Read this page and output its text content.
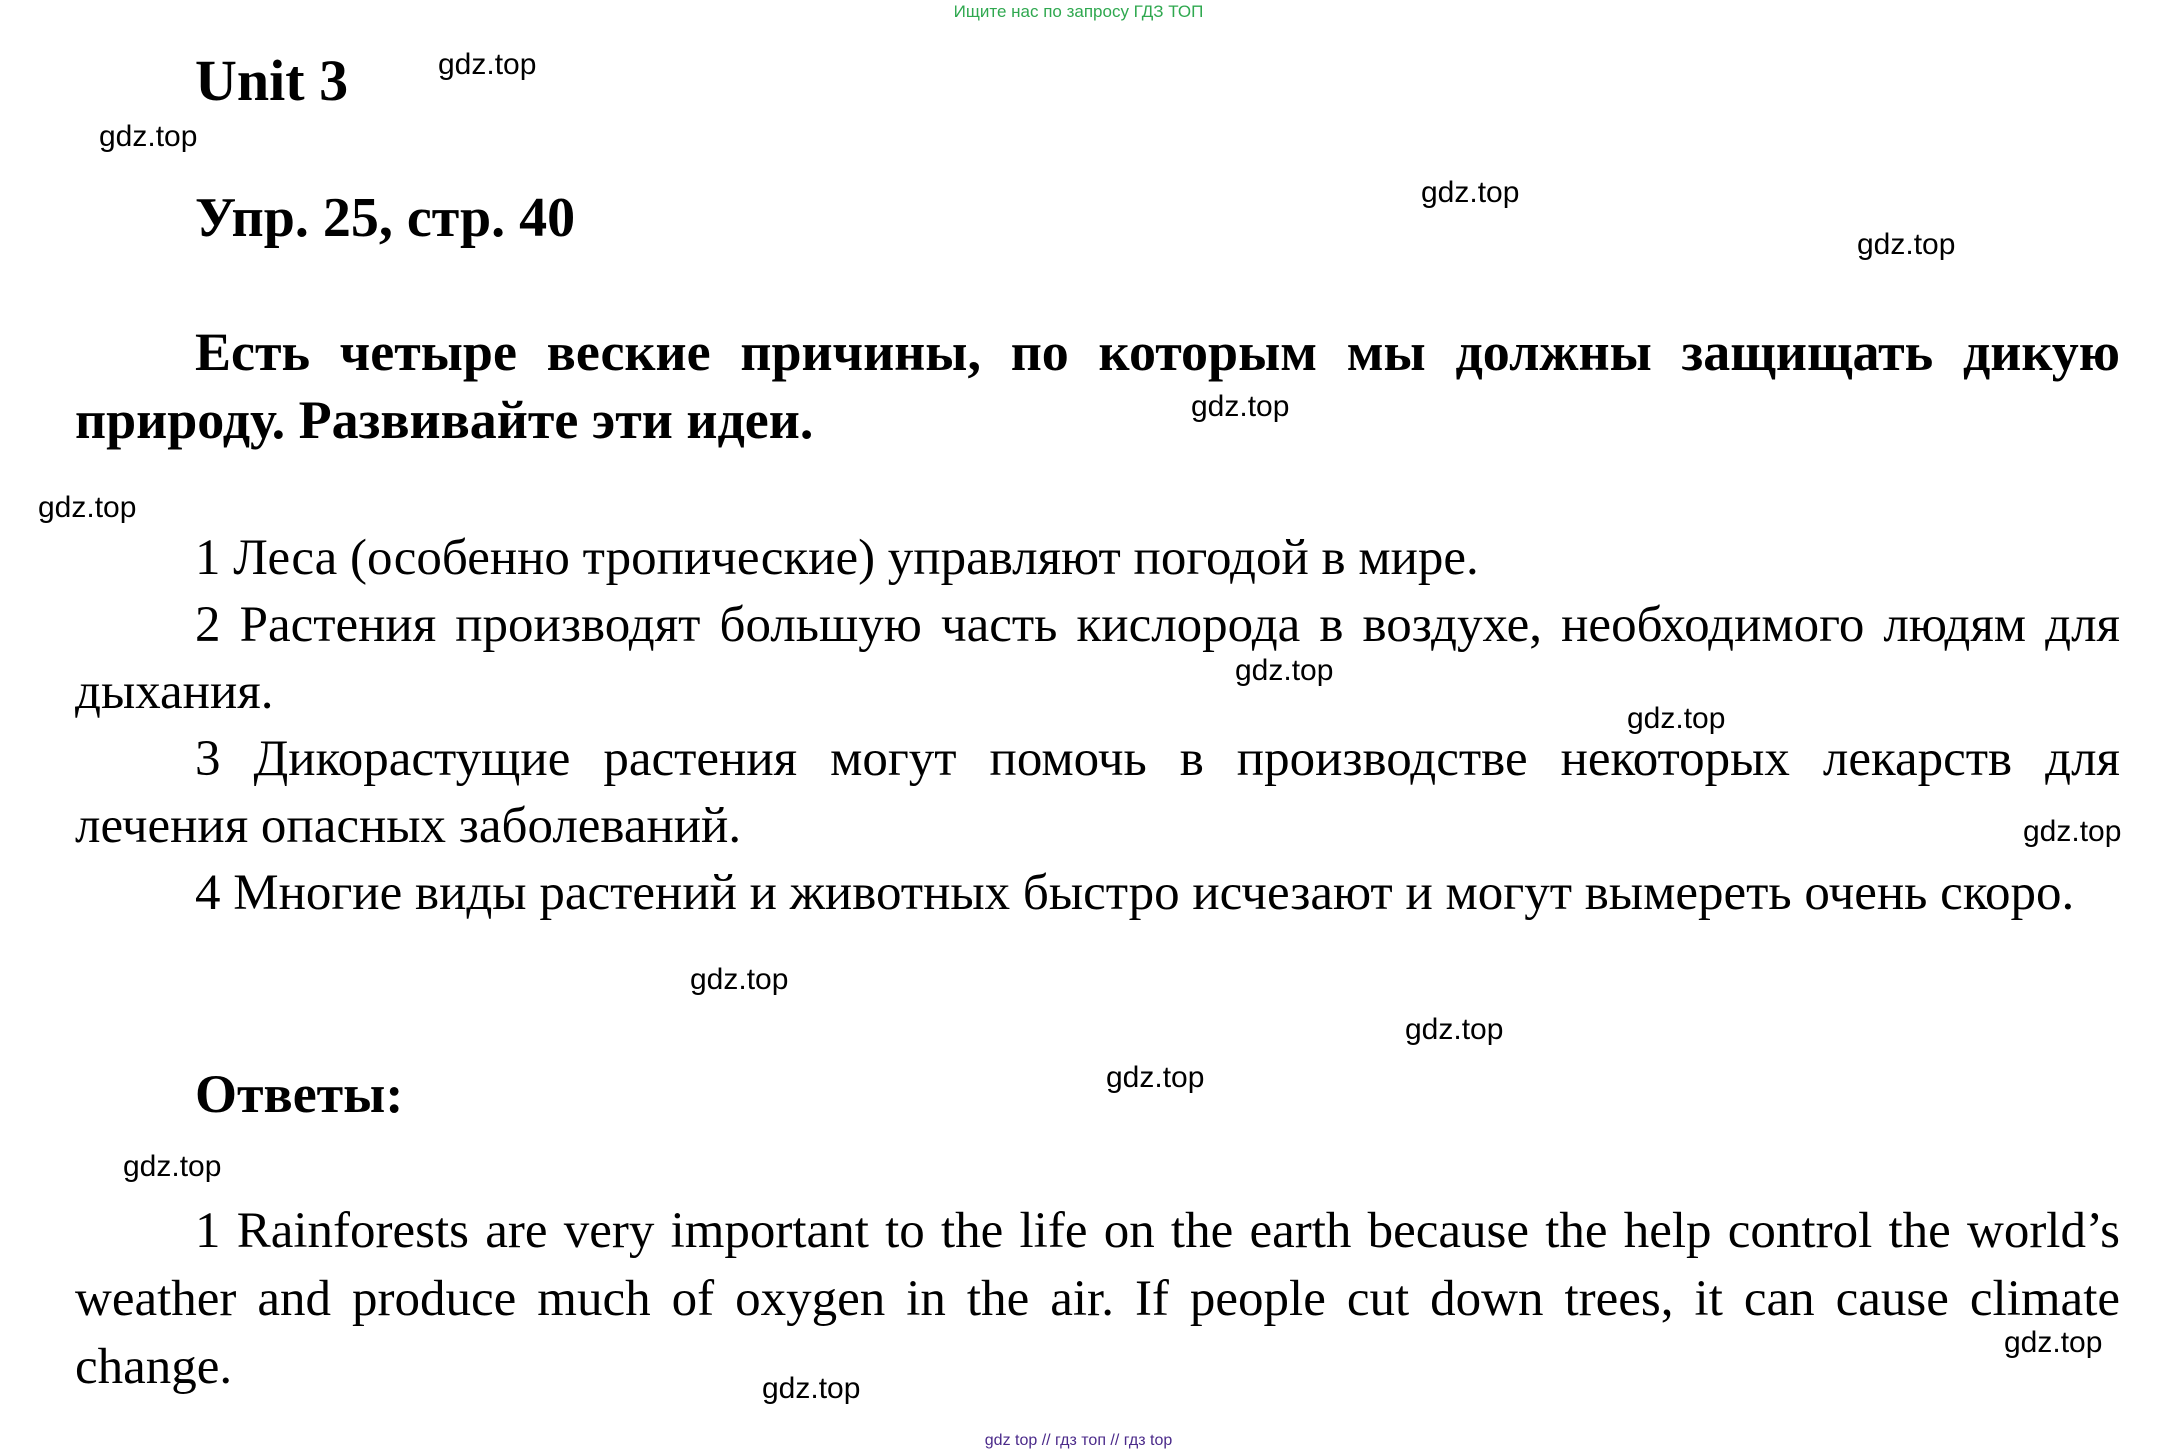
Ищите нас по запросу ГДЗ ТОП
Unit 3
Упр. 25, стр. 40

Есть четыре веские причины, по которым мы должны защищать дикую природу. Развивайте эти идеи.

1 Леса (особенно тропические) управляют погодой в мире.

2 Растения производят большую часть кислорода в воздухе, необходимого людям для дыхания.

3 Дикорастущие растения могут помочь в производстве некоторых лекарств для лечения опасных заболеваний.

4 Многие виды растений и животных быстро исчезают и могут вымереть очень скоро.

Ответы:

1 Rainforests are very important to the life on the earth because the help control the world’s weather and produce much of oxygen in the air. If people cut down trees, it can cause climate change.

gdz.top
gdz.top
gdz.top
gdz.top
gdz.top
gdz.top
gdz.top
gdz.top
gdz.top
gdz.top
gdz.top
gdz.top
gdz.top
gdz.top
gdz.top
gdz top // гдз топ // гдз top
